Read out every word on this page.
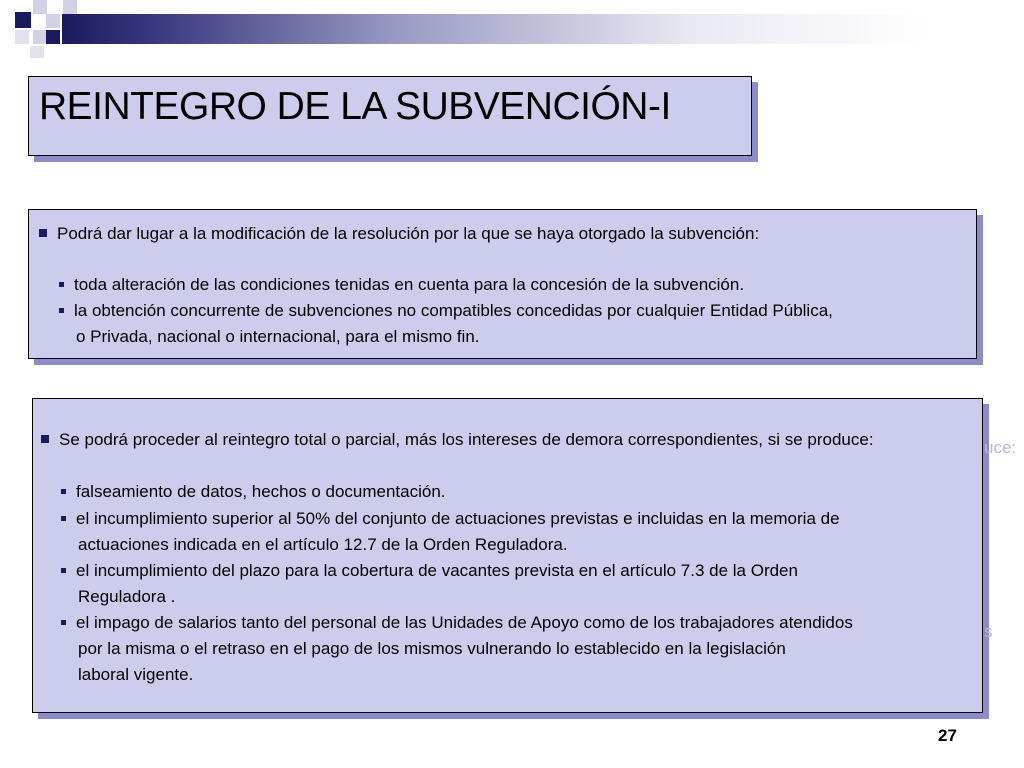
REINTEGRO DE LA SUBVENCIÓN-I
Podrá dar lugar a la modificación de la resolución por la que se haya otorgado la subvención:
toda alteración de las condiciones tenidas en cuenta para la concesión de la subvención.
la obtención concurrente de subvenciones no compatibles concedidas por cualquier Entidad Pública,
o Privada, nacional o internacional, para el mismo fin.
Se podrá proceder al reintegro total o parcial, más los intereses de demora correspondientes, si se produce:
falseamiento de datos, hechos o documentación.
el incumplimiento superior al 50% del conjunto de actuaciones previstas e incluidas en la memoria de
actuaciones indicada en el artículo 12.7 de la Orden Reguladora.
el incumplimiento del plazo para la cobertura de vacantes prevista en el artículo 7.3 de la Orden
Reguladora .
el impago de salarios tanto del personal de las Unidades de Apoyo como de los trabajadores atendidos
por la misma o el retraso en el pago de los mismos vulnerando lo establecido en la legislación
laboral vigente.
uce:
s
27
